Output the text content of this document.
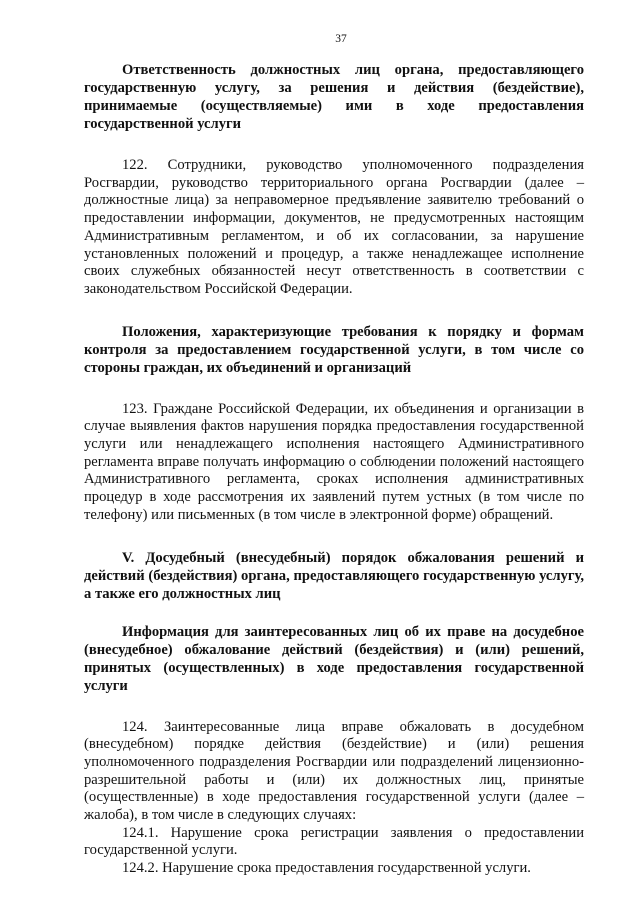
37

Ответственность должностных лиц органа, предоставляющего государственную услугу, за решения и действия (бездействие), принимаемые (осуществляемые) ими в ходе предоставления государственной услуги

122. Сотрудники, руководство уполномоченного подразделения Росгвардии, руководство территориального органа Росгвардии (далее – должностные лица) за неправомерное предъявление заявителю требований о предоставлении информации, документов, не предусмотренных настоящим Административным регламентом, и об их согласовании, за нарушение установленных положений и процедур, а также ненадлежащее исполнение своих служебных обязанностей несут ответственность в соответствии с законодательством Российской Федерации.

Положения, характеризующие требования к порядку и формам контроля за предоставлением государственной услуги, в том числе со стороны граждан, их объединений и организаций

123. Граждане Российской Федерации, их объединения и организации в случае выявления фактов нарушения порядка предоставления государственной услуги или ненадлежащего исполнения настоящего Административного регламента вправе получать информацию о соблюдении положений настоящего Административного регламента, сроках исполнения административных процедур в ходе рассмотрения их заявлений путем устных (в том числе по телефону) или письменных (в том числе в электронной форме) обращений.

V. Досудебный (внесудебный) порядок обжалования решений и действий (бездействия) органа, предоставляющего государственную услугу, а также его должностных лиц

Информация для заинтересованных лиц об их праве на досудебное (внесудебное) обжалование действий (бездействия) и (или) решений, принятых (осуществленных) в ходе предоставления государственной услуги

124. Заинтересованные лица вправе обжаловать в досудебном (внесудебном) порядке действия (бездействие) и (или) решения уполномоченного подразделения Росгвардии или подразделений лицензионно-разрешительной работы и (или) их должностных лиц, принятые (осуществленные) в ходе предоставления государственной услуги (далее – жалоба), в том числе в следующих случаях:

124.1. Нарушение срока регистрации заявления о предоставлении государственной услуги.

124.2. Нарушение срока предоставления государственной услуги.
